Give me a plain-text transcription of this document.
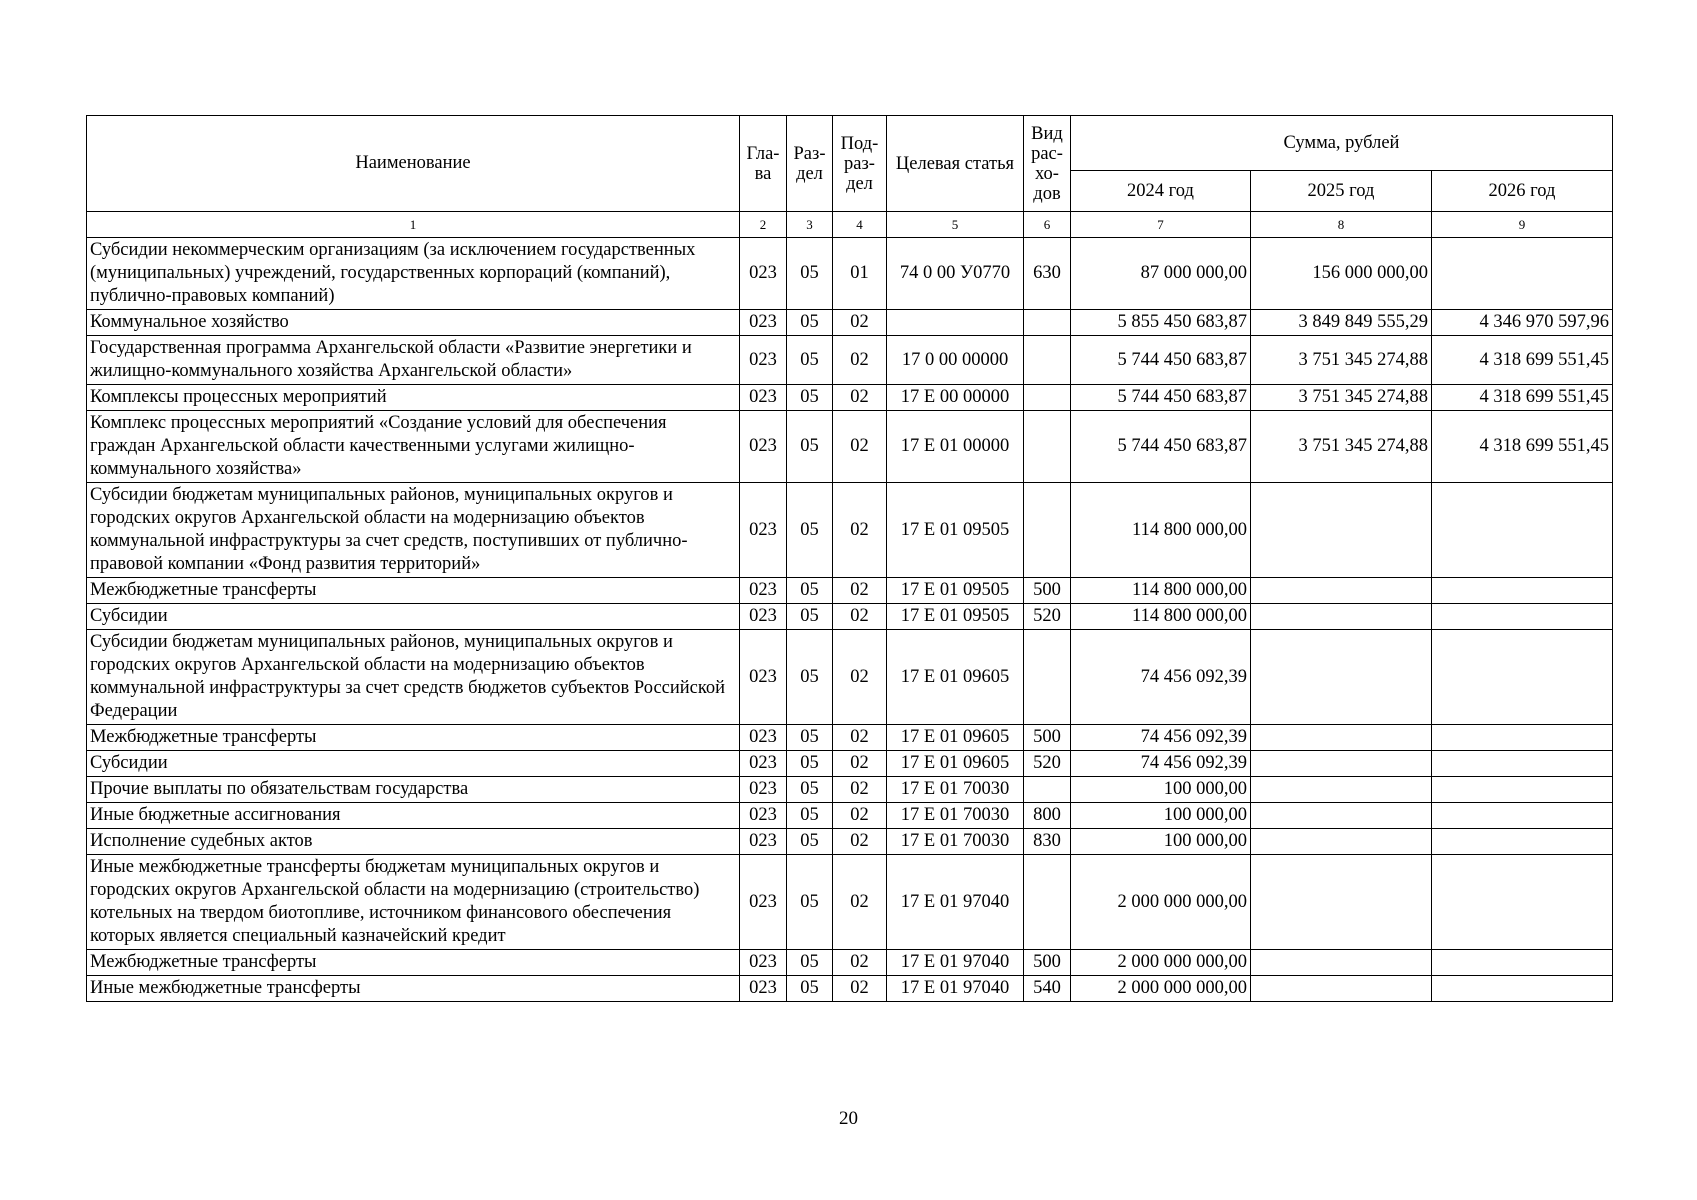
Наименование	Гла-ва	Раз-дел	Под-раз-дел	Целевая статья	Вид рас-хо-дов	Сумма, рублей		
						2024 год	2025 год	2026 год
1	2	3	4	5	6	7	8	9
Субсидии некоммерческим организациям (за исключением государственных (муниципальных) учреждений, государственных корпораций (компаний), публично-правовых компаний)	023	05	01	74 0 00 У0770	630	87 000 000,00	156 000 000,00	
Коммунальное хозяйство	023	05	02			5 855 450 683,87	3 849 849 555,29	4 346 970 597,96
Государственная программа Архангельской области «Развитие энергетики и жилищно-коммунального хозяйства Архангельской области»	023	05	02	17 0 00 00000		5 744 450 683,87	3 751 345 274,88	4 318 699 551,45
Комплексы процессных мероприятий	023	05	02	17 Е 00 00000		5 744 450 683,87	3 751 345 274,88	4 318 699 551,45
Комплекс процессных мероприятий «Создание условий для обеспечения граждан Архангельской области качественными услугами жилищно-коммунального хозяйства»	023	05	02	17 Е 01 00000		5 744 450 683,87	3 751 345 274,88	4 318 699 551,45
Субсидии бюджетам муниципальных районов, муниципальных округов и городских округов Архангельской области на модернизацию объектов коммунальной инфраструктуры за счет средств, поступивших от публично-правовой компании «Фонд развития территорий»	023	05	02	17 Е 01 09505		114 800 000,00		
Межбюджетные трансферты	023	05	02	17 Е 01 09505	500	114 800 000,00		
Субсидии	023	05	02	17 Е 01 09505	520	114 800 000,00		
Субсидии бюджетам муниципальных районов, муниципальных округов и городских округов Архангельской области на модернизацию объектов коммунальной инфраструктуры за счет средств бюджетов субъектов Российской Федерации	023	05	02	17 Е 01 09605		74 456 092,39		
Межбюджетные трансферты	023	05	02	17 Е 01 09605	500	74 456 092,39		
Субсидии	023	05	02	17 Е 01 09605	520	74 456 092,39		
Прочие выплаты по обязательствам государства	023	05	02	17 Е 01 70030		100 000,00		
Иные бюджетные ассигнования	023	05	02	17 Е 01 70030	800	100 000,00		
Исполнение судебных актов	023	05	02	17 Е 01 70030	830	100 000,00		
Иные межбюджетные трансферты бюджетам муниципальных округов и городских округов Архангельской области на модернизацию (строительство) котельных на твердом биотопливе, источником финансового обеспечения которых является специальный казначейский кредит	023	05	02	17 Е 01 97040		2 000 000 000,00		
Межбюджетные трансферты	023	05	02	17 Е 01 97040	500	2 000 000 000,00		
Иные межбюджетные трансферты	023	05	02	17 Е 01 97040	540	2 000 000 000,00		
20
